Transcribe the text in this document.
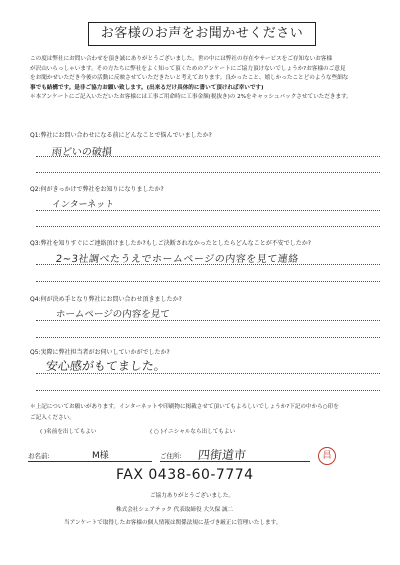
お客様のお声をお聞かせください
この度は弊社にお問い合わせを頂き誠にありがとうございました。世の中には弊社の存在やサービスをご存知ないお客様
が沢山いらっしゃいます。その方たちに弊社をよく知って頂くためのアンケートにご協力頂けないでしょうか?お客様のご意見
をお聞かせいただき今後の活動に反映させていただきたいと考えております。良かったこと、嬉しかったことどのような些細な
事でも結構です。是非ご協力お願い致します。(出来るだけ具体的に書いて頂ければ幸いです)
＊本アンケートにご記入いただいたお客様には工事ご用命時に工事金額(税抜き)の 2%をキャッシュバックさせていただきます。
Q1:弊社にお問い合わせになる前にどんなことで悩んでいましたか?
雨どいの破損
Q2:何がきっかけで弊社をお知りになりましたか?
インターネット
Q3:弊社を知りすぐにご連絡頂けましたか?もしご決断されなかったとしたらどんなことが不安でしたか?
2~3社調べたうえでホームページの内容を見て連絡
Q4:何が決め手となり弊社にお問い合わせ頂きましたか?
ホームページの内容を見て
Q5:実際に弊社担当者がお伺いしていかがでしたか?
安心感がもてました。
＊上記についてお願いがあります。インターネットや印刷物に掲載させて頂いてもよろしいでしょうか?下記の中から○印を
ご記入ください。
( )名前を出してもよい	( ○ )イニシャルなら出してもよい
お名前:	M様	ご住所: 四街道市	昌
FAX 0438-60-7774
ご協力ありがとうございました。
株式会社シェアテック 代表取締役 大久保 誠二
当アンケートで取得したお客様の個人情報は関係法規に基づき厳正に管理いたします。
